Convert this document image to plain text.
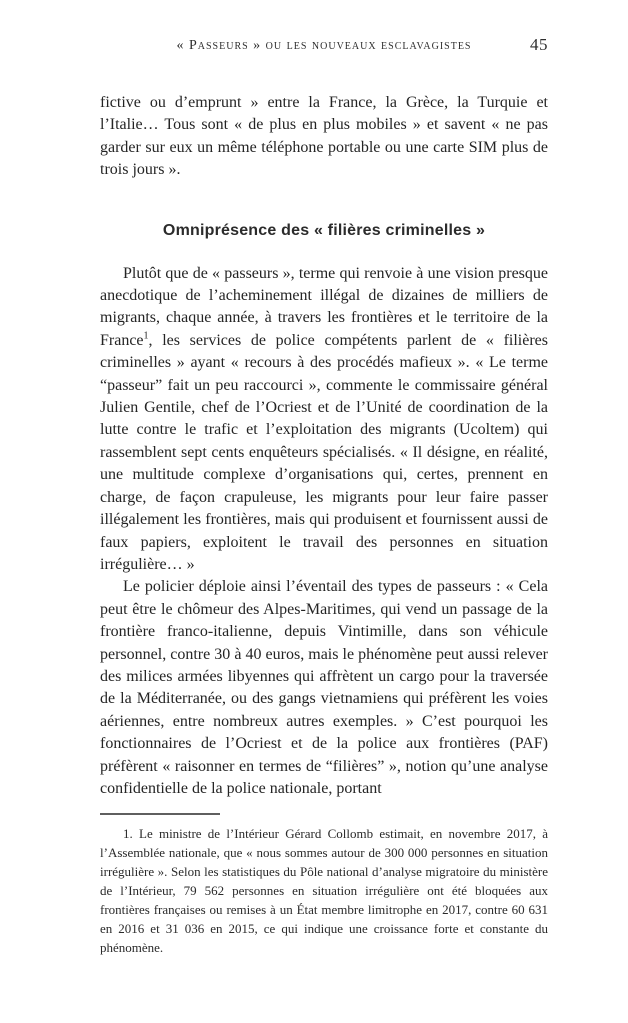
« Passeurs » ou les nouveaux esclavagistes	45

fictive ou d’emprunt » entre la France, la Grèce, la Turquie et l’Italie… Tous sont « de plus en plus mobiles » et savent « ne pas garder sur eux un même téléphone portable ou une carte SIM plus de trois jours ».

Omniprésence des « filières criminelles »

Plutôt que de « passeurs », terme qui renvoie à une vision presque anecdotique de l’acheminement illégal de dizaines de milliers de migrants, chaque année, à travers les frontières et le territoire de la France$^1$, les services de police compétents parlent de « filières criminelles » ayant « recours à des procédés mafieux ». « Le terme “passeur” fait un peu raccourci », commente le commissaire général Julien Gentile, chef de l’Ocriest et de l’Unité de coordination de la lutte contre le trafic et l’exploitation des migrants (Ucoltem) qui rassemblent sept cents enquêteurs spécialisés. « Il désigne, en réalité, une multitude complexe d’organisations qui, certes, prennent en charge, de façon crapuleuse, les migrants pour leur faire passer illégalement les frontières, mais qui produisent et fournissent aussi de faux papiers, exploitent le travail des personnes en situation irrégulière… »

Le policier déploie ainsi l’éventail des types de passeurs : « Cela peut être le chômeur des Alpes-Maritimes, qui vend un passage de la frontière franco-italienne, depuis Vintimille, dans son véhicule personnel, contre 30 à 40 euros, mais le phénomène peut aussi relever des milices armées libyennes qui affrètent un cargo pour la traversée de la Méditerranée, ou des gangs vietnamiens qui préfèrent les voies aériennes, entre nombreux autres exemples. » C’est pourquoi les fonctionnaires de l’Ocriest et de la police aux frontières (PAF) préfèrent « raisonner en termes de “filières” », notion qu’une analyse confidentielle de la police nationale, portant

1. Le ministre de l’Intérieur Gérard Collomb estimait, en novembre 2017, à l’Assemblée nationale, que « nous sommes autour de 300 000 personnes en situation irrégulière ». Selon les statistiques du Pôle national d’analyse migratoire du ministère de l’Intérieur, 79 562 personnes en situation irrégulière ont été bloquées aux frontières françaises ou remises à un État membre limitrophe en 2017, contre 60 631 en 2016 et 31 036 en 2015, ce qui indique une croissance forte et constante du phénomène.
